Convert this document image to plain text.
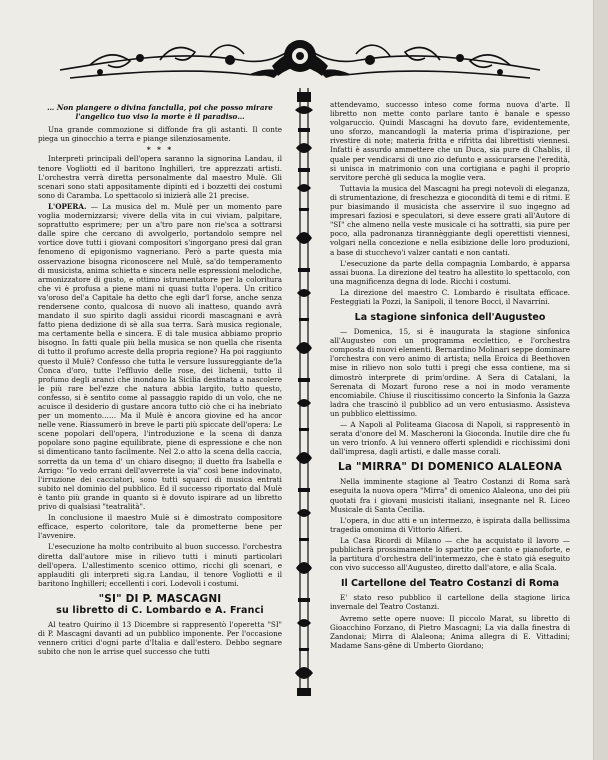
… Non piangere o divina fanciulla, poi che posso mirare l'angelico tuo viso la morte è il paradiso…

Una grande commozione si diffonde fra gli astanti. Il conte piega un ginocchio a terra e piange silenziosamente.

* * *

Interpreti principali dell'opera saranno la signorina Landau, il tenore Vogliotti ed il baritono Inghilleri, tre apprezzati artisti. L'orchestra verrà diretta personalmente dal maestro Mulè. Gli scenari sono stati appositamente dipinti ed i bozzetti dei costumi sono di Caramba. Lo spettacolo si inizierà alle 21 precise.

L'OPERA. — La musica del m. Mulè per un momento pare voglia modernizzarsi; vivere della vita in cui viviam, palpitare, soprattutto esprimere; per un a'tro pare non rie'sca a sottrarsi dalle spire che cercano di avvolgerlo, portandolo sempre nel vortice dove tutti i giovani compositori s'ingorgano presi dal gran fenomeno di epigonismo vagneriano. Però a parte questa mia osservazione bisogna riconoscere nel Mulè, sa'do temperamento di musicista, anima schietta e sincera nelle espressioni melodiche, armonizzatore di gusto, e ottimo istrumentatore per la coloritura che vi è profusa a piene mani ni quasi tutta l'opera. Un critico va'oroso del'a Capitale ha detto che egli dar'l forse, anche senza rendersene conto, qualcosa di nuovo ali inatteso, quando avrà mandato il suo spirito dagli assidui ricordi mascagnani e avrà fatto piena dedizione di sè alla sua terra. Sarà musica regionale, ma certamente bella e sincera. E di tale musica abbiamo proprio bisogno. In fatti quale più bella musica se non quella che risenta di tutto il profumo acreste della propria regione? Ha poi raggiunto questo il Mulè? Confesso che tutta le versure lussureggiante de'la Conca d'oro, tutte l'effluvio delle rose, dei lichenii, tutto il profumo degli aranci che inondano la Sicilia destinata a nascolere le più rare bel'ezze che natura abbia largito, tutto questo, confesso, si è sentito come al passaggio rapido di un volo, che ne acuisce il desiderio di gustare ancora tutto ciò che ci ha inebriato per un momento…… Ma il Mulè è ancora giovine ed ha ancor nelle vene. Riassumerò in breve le parti più spiccate dell'opera: Le scene popolari dell'opera, l'introduzione e la scena di danza popolare sono pagine equilibrate, piene di espressione e che non si dimenticano tanto facilmente. Nel 2.o atto la scena della caccia, sorretta da un tema d' un chiaro disegno; il duetto fra Isabella e Arrigo: "Io vedo errani dell'avverrete la via" così bene indovinato, l'irruzione dei cacciatori, sono tutti squarci di musica entrati subito nel dominio del pubblico. Ed il successo riportato dal Mulè è tanto più grande in quanto si è dovuto ispirare ad un libretto privo di qualsiasi "teatralità".

In conclusione il maestro Mulè si è dimostrato compositore efficace, esperto coloritore, tale da prometterne bene per l'avvenire.

L'esecuzione ha molto contribuito al buon successo. l'orchestra diretta dall'autore mise in rilievo tutti i minuti particolari dell'opera. L'allestimento scenico ottimo, ricchi gli scenari, e applauditi gli interpreti sig.ra Landau, il tenore Vogliotti e il baritono Inghilleri; eccellenti i cori. Lodevoli i costumi.

"SI" DI P. MASCAGNI
su libretto di C. Lombardo e A. Franci

Al teatro Quirino il 13 Dicembre si rappresentò l'operetta "SI" di P. Mascagni davanti ad un pubblico imponente. Per l'occasione vennero critici d'ogni parte d'Italia e dall'estero. Debbo segnare subito che non le arrise quel successo che tutti

attendevamo, successo inteso come forma nuova d'arte. Il libretto non mette conto parlare tanto è banale e spesso volgaruccio. Quindi Mascagni ha dovuto fare, evidentemente, uno sforzo, mancandogli la materia prima d'ispirazione, per rivestire di note; materia fritta e rifritta dai librettisti viennesi. Infatti è assurdo ammettere che un Duca, sia pure di Chablis, il quale per vendicarsi di uno zio defunto e assicurarsene l'eredità, si unisca in matrimonio con una cortigiana e paghi il proprio servitore perchè gli seduca la moglie vera.

Tuttavia la musica del Mascagni ha pregi notevoli di eleganza, di strumentazione, di freschezza e giocondità di temi e di ritmi. E pur biasimando il musicista che asservire il suo ingegno ad impresari faziosi e speculatori, si deve essere grati all'Autore di "SI" che almeno nella veste musicale ci ha sottratti, sia pure per poco, alla padronanza tirannèggiante degli operettisti viennesi, volgari nella concezione e nella esibizione delle loro produzioni, a base di stucchevo'i valzer cantati e non cantati.

L'esecuzione da parte della compagnia Lombardo, è apparsa assai buona. La direzione del teatro ha allestito lo spettacolo, con una magnificenza degna di lode. Ricchi i costumi.

La direzione del maestro C. Lombardo è risultata efficace. Festeggiati la Pozzi, la Sanipoli, il tenore Bocci, il Navarrini.

La stagione sinfonica dell'Augusteo

— Domenica, 15, si è inaugurata la stagione sinfonica all'Augusteo con un programma ecclettico, e l'orchestra composta di nuovi elementi. Bernardino Molinari seppe dominare l'orchestra con vero animo di artista; nella Eroica di Beethoven mise in rilievo non solo tutti i pregi che essa contiene, ma si dimostrò interprete di prim'ordine. A Sera di Catalani, la Serenata di Mozart furono rese a noi in modo veramente encomiabile. Chiuse il riuscitissimo concerto la Sinfonia la Gazza ladra che trascinò il pubblico ad un vero entusiasmo. Assisteva un pubblico elettissimo.

— A Napoli al Politeama Giacosa di Napoli, si rappresentò in serata d'onore del M. Mascheroni la Gioconda. Inutile dire che fu un vero trionfo. A lui vennero offerti splendidi e ricchissimi doni dall'impresa, dagli artisti, e dalle masse corali.

La "MIRRA" DI DOMENICO ALALEONA

Nella imminente stagione al Teatro Costanzi di Roma sarà eseguita la nuova opera "Mirra" di omenico Alaleona, uno dei più quotati fra i giovani musicisti italiani, insegnante nel R. Liceo Musicale di Santa Cecilia.

L'opera, in duc atti e un intermezzo, è ispirata dalla bellissima tragedia omonima di Vittorio Alfieri.

La Casa Ricordi di Milano — che ha acquistato il lavoro — pubblicherà prossimamente lo spartito per canto e pianoforte, e la partitura d'orchestra dell'intermezzo, che è stato già eseguito con vivo successo all'Augusteo, diretto dall'atore, e alla Scala.

Il Cartellone del Teatro Costanzi di Roma

E' stato reso pubblico il cartellone della stagione lirica invernale del Teatro Costanzi.

Avremo sette opere nuove: Il piccolo Marat, su libretto di Gioacchino Forzano, di Pietro Mascagni; La via dalla finestra di Zandonai; Mirra di Alaleona; Anima allegra di E. Vittadini; Madame Sans-gêne di Umberto Giordano;
